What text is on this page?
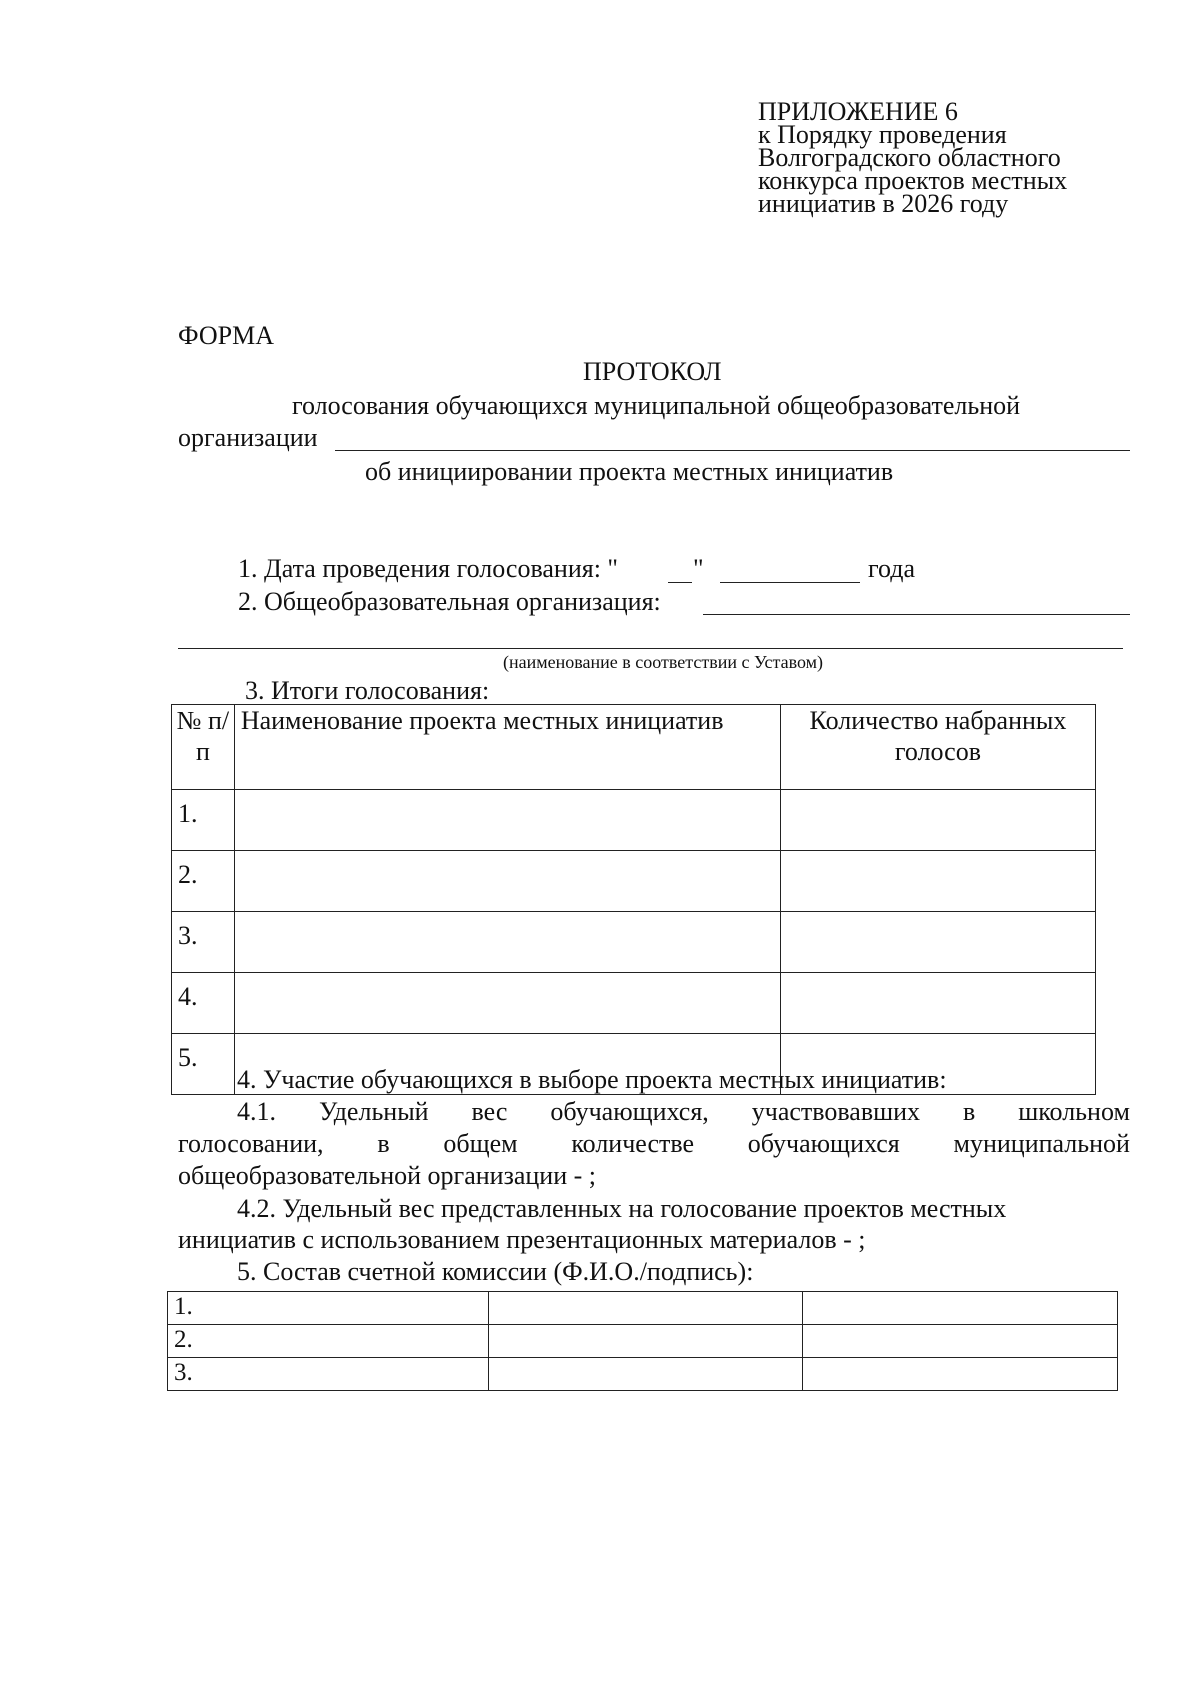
ПРИЛОЖЕНИЕ 6
к Порядку проведения
Волгоградского областного
конкурса проектов местных
инициатив в 2026 году

ФОРМА

ПРОТОКОЛ

голосования обучающихся муниципальной общеобразовательной

организации

об инициировании проекта местных инициатив

1. Дата проведения голосования: "	"	года

2. Общеобразовательная организация:

(наименование в соответствии с Уставом)

3. Итоги голосования:

№ п/п	Наименование проекта местных инициатив	Количество набранных голосов
1.		
2.		
3.		
4.		
5.		

4. Участие обучающихся в выборе проекта местных инициатив:

4.1. Удельный вес обучающихся, участвовавших в школьном
голосовании, в общем количестве обучающихся муниципальной

общеобразовательной организации - ;

4.2. Удельный вес представленных на голосование проектов местных

инициатив с использованием презентационных материалов - ;

5. Состав счетной комиссии (Ф.И.О./подпись):

1.		
2.		
3.		
